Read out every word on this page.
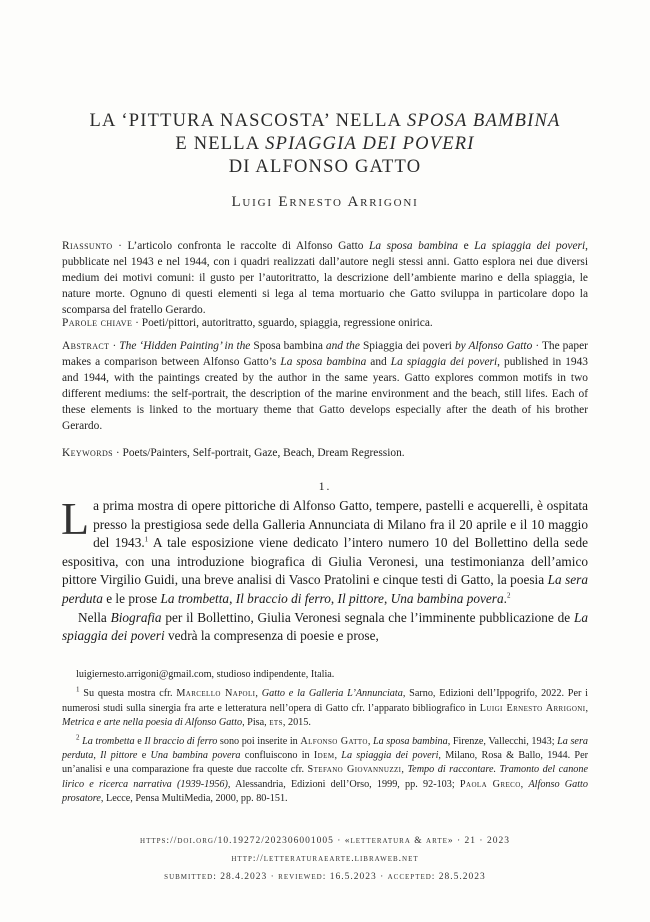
LA ‘PITTURA NASCOSTA’ NELLA SPOSA BAMBINA
E NELLA SPIAGGIA DEI POVERI
DI ALFONSO GATTO
Luigi Ernesto Arrigoni
Riassunto · L’articolo confronta le raccolte di Alfonso Gatto La sposa bambina e La spiaggia dei poveri, pubblicate nel 1943 e nel 1944, con i quadri realizzati dall’autore negli stessi anni. Gatto esplora nei due diversi medium dei motivi comuni: il gusto per l’autoritratto, la descrizione dell’ambiente marino e della spiaggia, le nature morte. Ognuno di questi elementi si lega al tema mortuario che Gatto sviluppa in particolare dopo la scomparsa del fratello Gerardo.
Parole chiave · Poeti/pittori, autoritratto, sguardo, spiaggia, regressione onirica.
Abstract · The ‘Hidden Painting’ in the Sposa bambina and the Spiaggia dei poveri by Alfonso Gatto · The paper makes a comparison between Alfonso Gatto’s La sposa bambina and La spiaggia dei poveri, published in 1943 and 1944, with the paintings created by the author in the same years. Gatto explores common motifs in two different mediums: the self-portrait, the description of the marine environment and the beach, still lifes. Each of these elements is linked to the mortuary theme that Gatto develops especially after the death of his brother Gerardo.
Keywords · Poets/Painters, Self-portrait, Gaze, Beach, Dream Regression.
1.

La prima mostra di opere pittoriche di Alfonso Gatto, tempere, pastelli e acquerelli, è ospitata presso la prestigiosa sede della Galleria Annunciata di Milano fra il 20 aprile e il 10 maggio del 1943.$^1$ A tale esposizione viene dedicato l’intero numero 10 del Bollettino della sede espositiva, con una introduzione biografica di Giulia Veronesi, una testimonianza dell’amico pittore Virgilio Guidi, una breve analisi di Vasco Pratolini e cinque testi di Gatto, la poesia La sera perduta e le prose La trombetta, Il braccio di ferro, Il pittore, Una bambina povera.$^2$

Nella Biografia per il Bollettino, Giulia Veronesi segnala che l’imminente pubblicazione de La spiaggia dei poveri vedrà la compresenza di poesie e prose,

luigiernesto.arrigoni@gmail.com, studioso indipendente, Italia.

$^1$ Su questa mostra cfr. Marcello Napoli, Gatto e la Galleria L’Annunciata, Sarno, Edizioni dell’Ippogrifo, 2022. Per i numerosi studi sulla sinergia fra arte e letteratura nell’opera di Gatto cfr. l’apparato bibliografico in Luigi Ernesto Arrigoni, Metrica e arte nella poesia di Alfonso Gatto, Pisa, ets, 2015.

$^2$ La trombetta e Il braccio di ferro sono poi inserite in Alfonso Gatto, La sposa bambina, Firenze, Vallecchi, 1943; La sera perduta, Il pittore e Una bambina povera confluiscono in Idem, La spiaggia dei poveri, Milano, Rosa & Ballo, 1944. Per un’analisi e una comparazione fra queste due raccolte cfr. Stefano Giovannuzzi, Tempo di raccontare. Tramonto del canone lirico e ricerca narrativa (1939-1956), Alessandria, Edizioni dell’Orso, 1999, pp. 92-103; Paola Greco, Alfonso Gatto prosatore, Lecce, Pensa MultiMedia, 2000, pp. 80-151.

https://doi.org/10.19272/202306001005 · «letteratura & arte» · 21 · 2023
http://letteraturaearte.libraweb.net
submitted: 28.4.2023 · reviewed: 16.5.2023 · accepted: 28.5.2023
